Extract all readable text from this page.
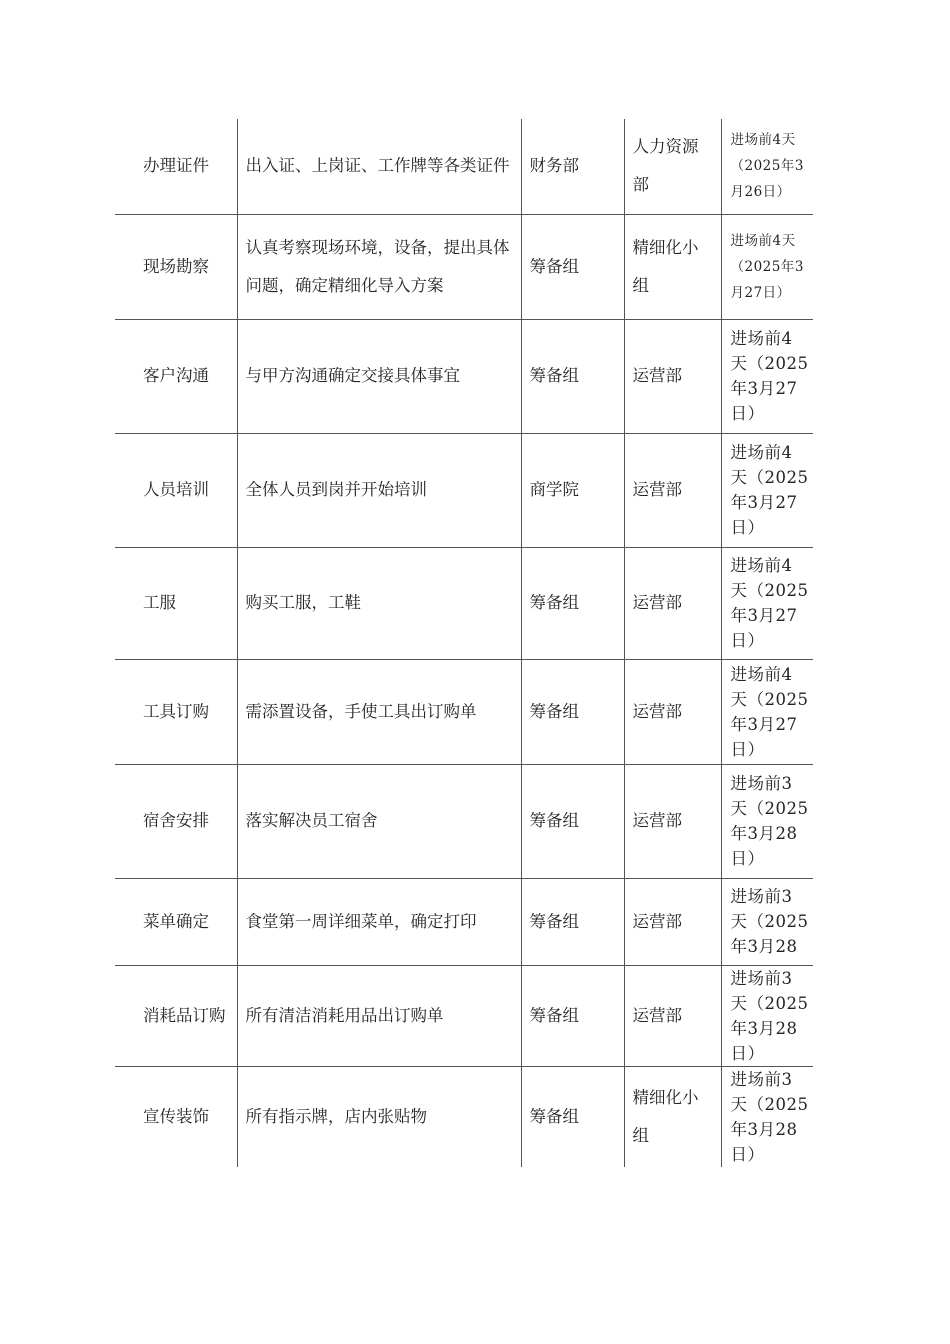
办理证件	出入证、上岗证、工作牌等各类证件	财务部	人力资源部	进场前4天（2025年3月26日）
现场勘察	认真考察现场环境，设备，提出具体问题，确定精细化导入方案	筹备组	精细化小组	进场前4天（2025年3月27日）
客户沟通	与甲方沟通确定交接具体事宜	筹备组	运营部	进场前4天（2025年3月27日）
人员培训	全体人员到岗并开始培训	商学院	运营部	进场前4天（2025年3月27日）
工服	购买工服，工鞋	筹备组	运营部	进场前4天（2025年3月27日）
工具订购	需添置设备，手使工具出订购单	筹备组	运营部	进场前4天（2025年3月27日）
宿舍安排	落实解决员工宿舍	筹备组	运营部	进场前3天（2025年3月28日）
菜单确定	食堂第一周详细菜单，确定打印	筹备组	运营部	进场前3天（2025年3月28
消耗品订购	所有清洁消耗用品出订购单	筹备组	运营部	进场前3天（2025年3月28日）
宣传装饰	所有指示牌，店内张贴物	筹备组	精细化小组	进场前3天（2025年3月28日）
